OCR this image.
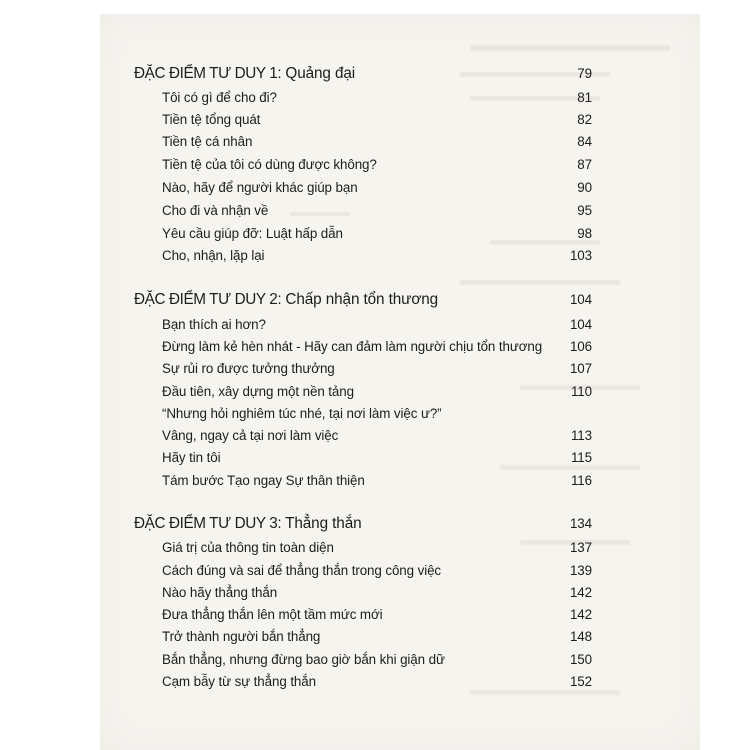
ĐẶC ĐIỂM TƯ DUY 1: Quảng đại	79
Tôi có gì để cho đi?	81
Tiền tệ tổng quát	82
Tiền tệ cá nhân	84
Tiền tệ của tôi có dùng được không?	87
Nào, hãy để người khác giúp bạn	90
Cho đi và nhận về	95
Yêu cầu giúp đỡ: Luật hấp dẫn	98
Cho, nhận, lặp lại	103
ĐẶC ĐIỂM TƯ DUY 2: Chấp nhận tổn thương	104
Bạn thích ai hơn?	104
Đừng làm kẻ hèn nhát - Hãy can đảm làm người chịu tổn thương 106
Sự rủi ro được tưởng thưởng	107
Đầu tiên, xây dựng một nền tảng	110
“Nhưng hỏi nghiêm túc nhé, tại nơi làm việc ư?”
Vâng, ngay cả tại nơi làm việc	113
Hãy tin tôi	115
Tám bước Tạo ngay Sự thân thiện	116
ĐẶC ĐIỂM TƯ DUY 3: Thẳng thắn	134
Giá trị của thông tin toàn diện	137
Cách đúng và sai để thẳng thắn trong công việc	139
Nào hãy thẳng thắn	142
Đưa thẳng thắn lên một tầm mức mới	142
Trở thành người bắn thẳng	148
Bắn thẳng, nhưng đừng bao giờ bắn khi giận dữ	150
Cạm bẫy từ sự thẳng thắn	152
